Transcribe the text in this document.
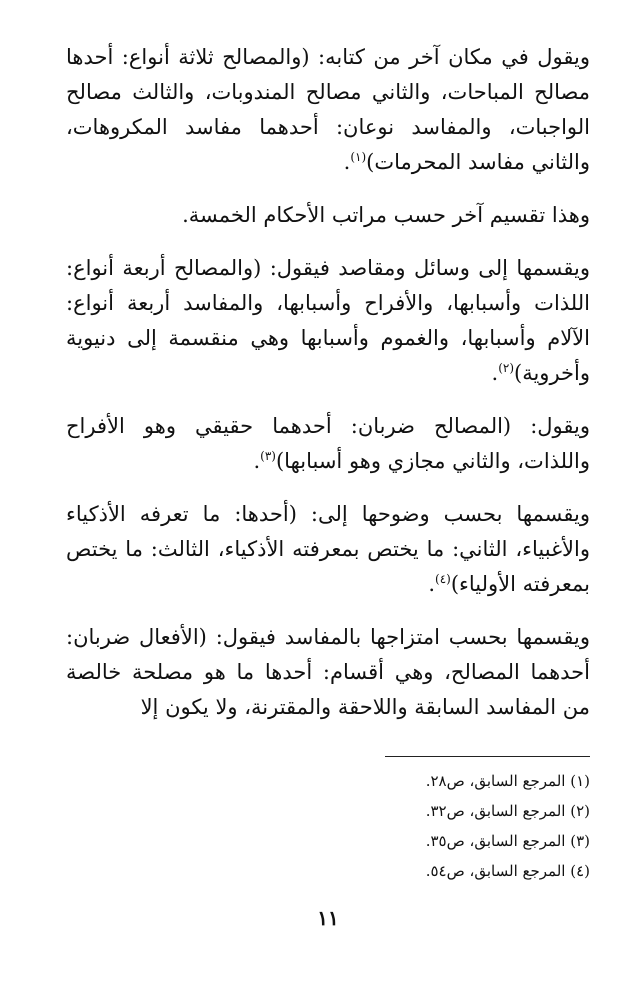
ويقول في مكان آخر من كتابه: (والمصالح ثلاثة أنواع: أحدها مصالح المباحات، والثاني مصالح المندوبات، والثالث مصالح الواجبات، والمفاسد نوعان: أحدهما مفاسد المكروهات، والثاني مفاسد المحرمات)$^{(١)}$.

وهذا تقسيم آخر حسب مراتب الأحكام الخمسة.

ويقسمها إلى وسائل ومقاصد فيقول: (والمصالح أربعة أنواع: اللذات وأسبابها، والأفراح وأسبابها، والمفاسد أربعة أنواع: الآلام وأسبابها، والغموم وأسبابها وهي منقسمة إلى دنيوية وأخروية)$^{(٢)}$.

ويقول: (المصالح ضربان: أحدهما حقيقي وهو الأفراح واللذات، والثاني مجازي وهو أسبابها)$^{(٣)}$.

ويقسمها بحسب وضوحها إلى: (أحدها: ما تعرفه الأذكياء والأغبياء، الثاني: ما يختص بمعرفته الأذكياء، الثالث: ما يختص بمعرفته الأولياء)$^{(٤)}$.

ويقسمها بحسب امتزاجها بالمفاسد فيقول: (الأفعال ضربان: أحدهما المصالح، وهي أقسام: أحدها ما هو مصلحة خالصة من المفاسد السابقة واللاحقة والمقترنة، ولا يكون إلا

(١) المرجع السابق، ص٢٨.
(٢) المرجع السابق، ص٣٢.
(٣) المرجع السابق، ص٣٥.
(٤) المرجع السابق، ص٥٤.
١١
